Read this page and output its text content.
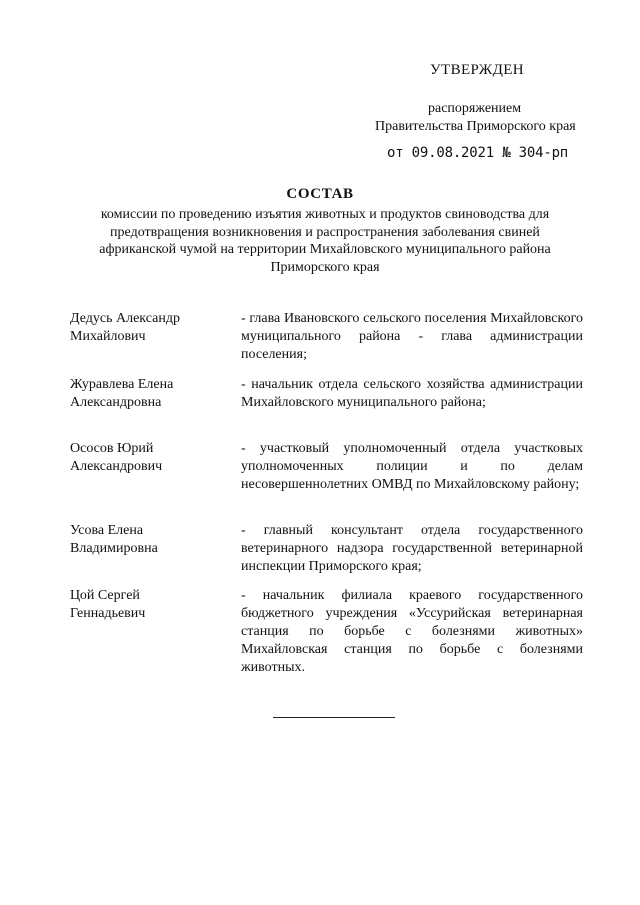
УТВЕРЖДЕН
распоряжением
Правительства Приморского края
от 09.08.2021 № 304-рп
СОСТАВ
комиссии по проведению изъятия животных и продуктов свиноводства для
предотвращения возникновения и распространения заболевания свиней
африканской чумой на территории Михайловского муниципального района
Приморского края
Дедусь Александр
Михайлович
- глава Ивановского сельского поселения Михайловского муниципального района - глава администрации поселения;
Журавлева Елена
Александровна
- начальник отдела сельского хозяйства администрации Михайловского муниципального района;
Ососов Юрий
Александрович
- участковый уполномоченный отдела участковых уполномоченных полиции и по делам несовершеннолетних ОМВД по Михайловскому району;
Усова Елена
Владимировна
- главный консультант отдела государственного ветеринарного надзора государственной ветеринарной инспекции Приморского края;
Цой Сергей
Геннадьевич
- начальник филиала краевого государственного бюджетного учреждения «Уссурийская ветеринарная станция по борьбе с болезнями животных» Михайловская станция по борьбе с болезнями животных.
